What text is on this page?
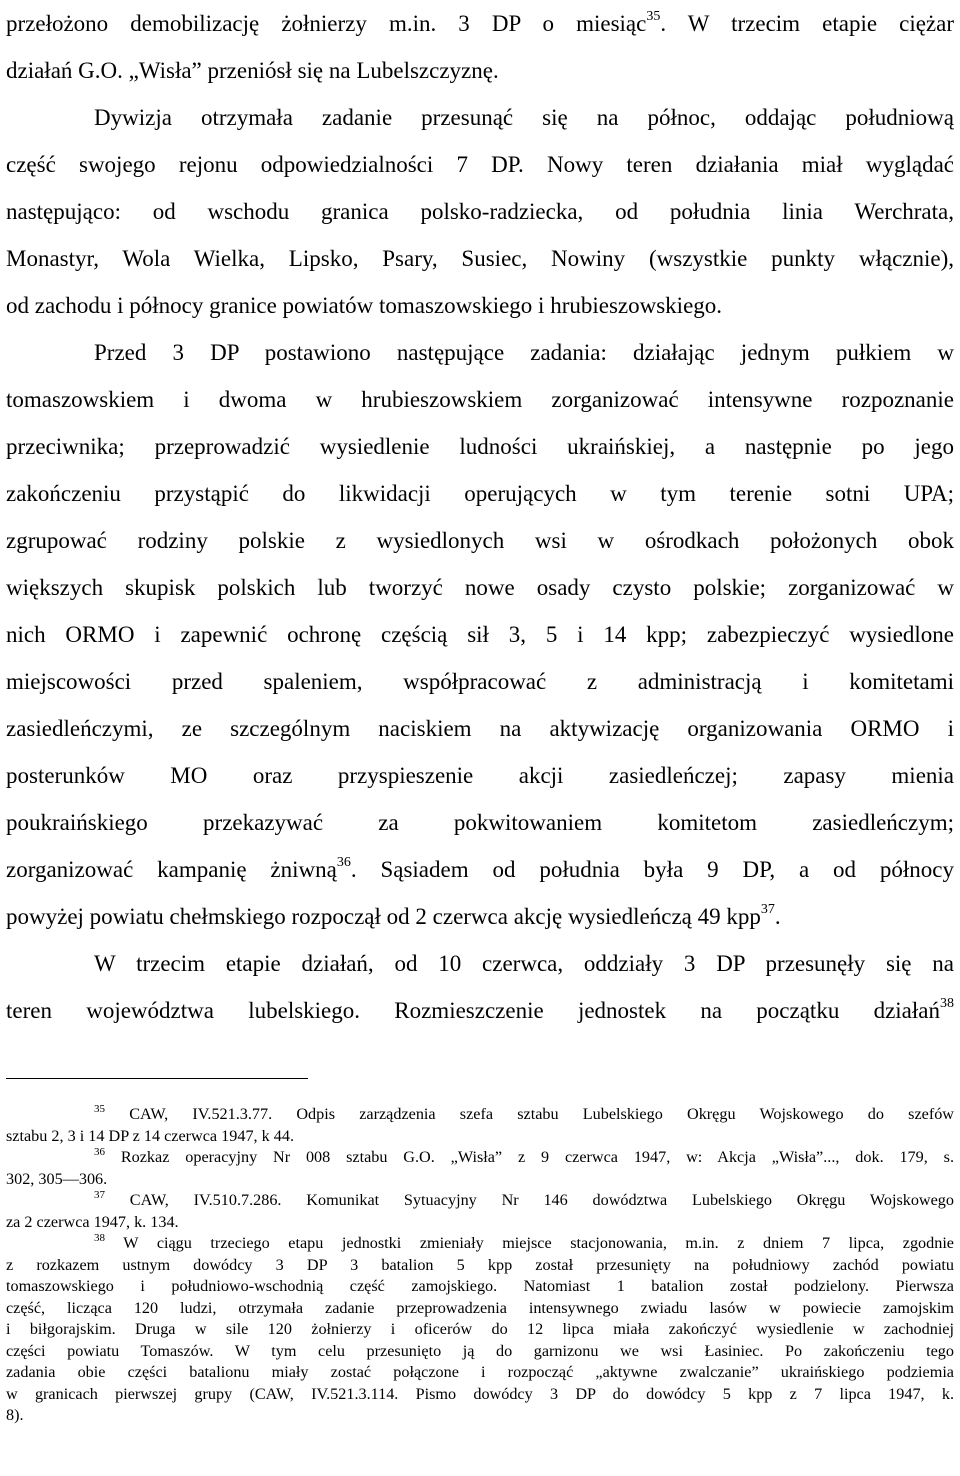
przełożono demobilizację żołnierzy m.in. 3 DP o miesiąc$^{35}$. W trzecim etapie ciężar
działań G.O. „Wisła” przeniósł się na Lubelszczyznę.
Dywizja otrzymała zadanie przesunąć się na północ, oddając południową
część swojego rejonu odpowiedzialności 7 DP. Nowy teren działania miał wyglądać
następująco: od wschodu granica polsko-radziecka, od południa linia Werchrata,
Monastyr, Wola Wielka, Lipsko, Psary, Susiec, Nowiny (wszystkie punkty włącznie),
od zachodu i północy granice powiatów tomaszowskiego i hrubieszowskiego.
Przed 3 DP postawiono następujące zadania: działając jednym pułkiem w
tomaszowskiem i dwoma w hrubieszowskiem zorganizować intensywne rozpoznanie
przeciwnika; przeprowadzić wysiedlenie ludności ukraińskiej, a następnie po jego
zakończeniu przystąpić do likwidacji operujących w tym terenie sotni UPA;
zgrupować rodziny polskie z wysiedlonych wsi w ośrodkach położonych obok
większych skupisk polskich lub tworzyć nowe osady czysto polskie; zorganizować w
nich ORMO i zapewnić ochronę częścią sił 3, 5 i 14 kpp; zabezpieczyć wysiedlone
miejscowości przed spaleniem, współpracować z administracją i komitetami
zasiedleńczymi, ze szczególnym naciskiem na aktywizację organizowania ORMO i
posterunków MO oraz przyspieszenie akcji zasiedleńczej; zapasy mienia
poukraińskiego przekazywać za pokwitowaniem komitetom zasiedleńczym;
zorganizować kampanię żniwną$^{36}$. Sąsiadem od południa była 9 DP, a od północy
powyżej powiatu chełmskiego rozpoczął od 2 czerwca akcję wysiedleńczą 49 kpp$^{37}$.
W trzecim etapie działań, od 10 czerwca, oddziały 3 DP przesunęły się na
teren województwa lubelskiego. Rozmieszczenie jednostek na początku działań$^{38}$
$^{35}$ CAW, IV.521.3.77. Odpis zarządzenia szefa sztabu Lubelskiego Okręgu Wojskowego do szefów
sztabu 2, 3 i 14 DP z 14 czerwca 1947, k 44.
$^{36}$ Rozkaz operacyjny Nr 008 sztabu G.O. „Wisła” z 9 czerwca 1947, w: Akcja „Wisła”..., dok. 179, s.
302, 305—306.
$^{37}$ CAW, IV.510.7.286. Komunikat Sytuacyjny Nr 146 dowództwa Lubelskiego Okręgu Wojskowego
za 2 czerwca 1947, k. 134.
$^{38}$ W ciągu trzeciego etapu jednostki zmieniały miejsce stacjonowania, m.in. z dniem 7 lipca, zgodnie
z rozkazem ustnym dowódcy 3 DP 3 batalion 5 kpp został przesunięty na południowy zachód powiatu
tomaszowskiego i południowo-wschodnią część zamojskiego. Natomiast 1 batalion został podzielony. Pierwsza
część, licząca 120 ludzi, otrzymała zadanie przeprowadzenia intensywnego zwiadu lasów w powiecie zamojskim
i biłgorajskim. Druga w sile 120 żołnierzy i oficerów do 12 lipca miała zakończyć wysiedlenie w zachodniej
części powiatu Tomaszów. W tym celu przesunięto ją do garnizonu we wsi Łasiniec. Po zakończeniu tego
zadania obie części batalionu miały zostać połączone i rozpocząć „aktywne zwalczanie” ukraińskiego podziemia
w granicach pierwszej grupy (CAW, IV.521.3.114. Pismo dowódcy 3 DP do dowódcy 5 kpp z 7 lipca 1947, k.
8).
